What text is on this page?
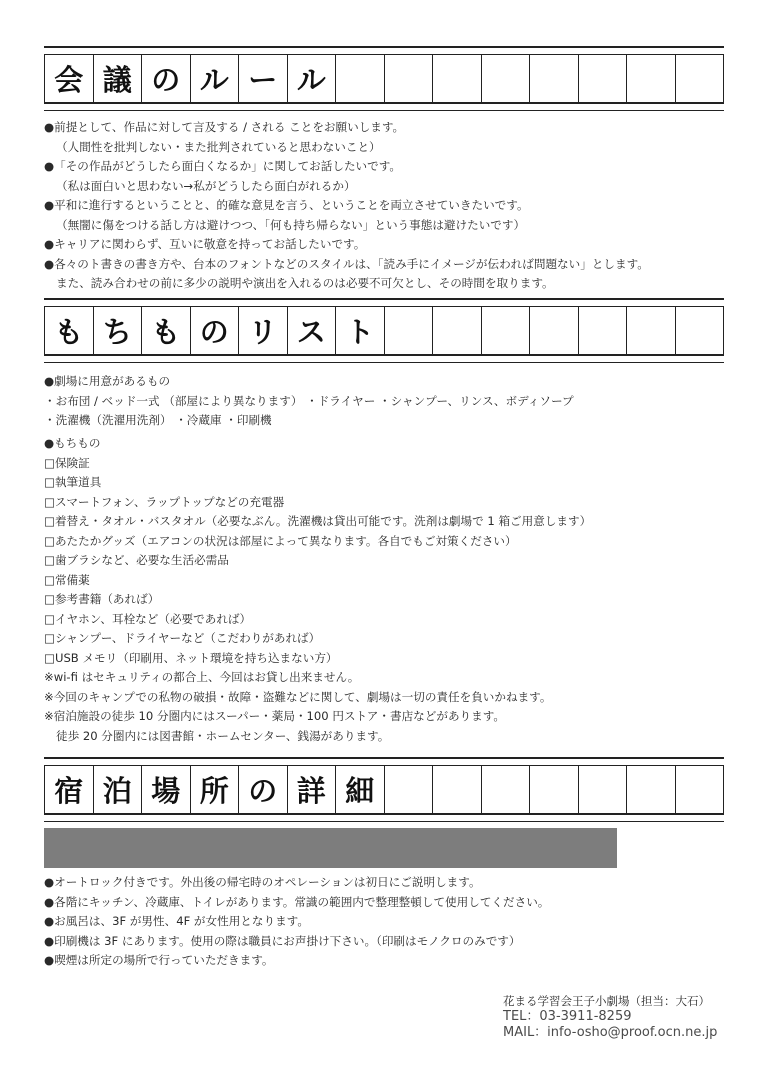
会 議 の ル ー ル
●前提として、作品に対して言及する / される ことをお願いします。
（人間性を批判しない・また批判されていると思わないこと）
●「その作品がどうしたら面白くなるか」に関してお話したいです。
（私は面白いと思わない→私がどうしたら面白がれるか）
●平和に進行するということと、的確な意見を言う、ということを両立させていきたいです。
（無闇に傷をつける話し方は避けつつ、「何も持ち帰らない」という事態は避けたいです）
●キャリアに関わらず、互いに敬意を持ってお話したいです。
●各々のト書きの書き方や、台本のフォントなどのスタイルは、「読み手にイメージが伝われば問題ない」とします。
また、読み合わせの前に多少の説明や演出を入れるのは必要不可欠とし、その時間を取ります。
も ち も の リ ス ト
●劇場に用意があるもの
・お布団 / ベッド一式 （部屋により異なります） ・ドライヤー ・シャンプー、リンス、ボディソープ
・洗濯機（洗濯用洗剤） ・冷蔵庫 ・印刷機
●もちもの
□保険証
□執筆道具
□スマートフォン、ラップトップなどの充電器
□着替え・タオル・バスタオル（必要なぶん。洗濯機は貸出可能です。洗剤は劇場で 1 箱ご用意します）
□あたたかグッズ（エアコンの状況は部屋によって異なります。各自でもご対策ください）
□歯ブラシなど、必要な生活必需品
□常備薬
□参考書籍（あれば）
□イヤホン、耳栓など（必要であれば）
□シャンプー、ドライヤーなど（こだわりがあれば）
□USB メモリ（印刷用、ネット環境を持ち込まない方）
※wi-fi はセキュリティの都合上、今回はお貸し出来ません。
※今回のキャンプでの私物の破損・故障・盗難などに関して、劇場は一切の責任を負いかねます。
※宿泊施設の徒歩 10 分圏内にはスーパー・薬局・100 円ストア・書店などがあります。
徒歩 20 分圏内には図書館・ホームセンター、銭湯があります。
宿 泊 場 所 の 詳 細
●オートロック付きです。外出後の帰宅時のオペレーションは初日にご説明します。
●各階にキッチン、冷蔵庫、トイレがあります。常識の範囲内で整理整頓して使用してください。
●お風呂は、3F が男性、4F が女性用となります。
●印刷機は 3F にあります。使用の際は職員にお声掛け下さい。（印刷はモノクロのみです）
●喫煙は所定の場所で行っていただきます。
花まる学習会王子小劇場（担当：大石）
TEL：03-3911-8259
MAIL：info-osho@proof.ocn.ne.jp
